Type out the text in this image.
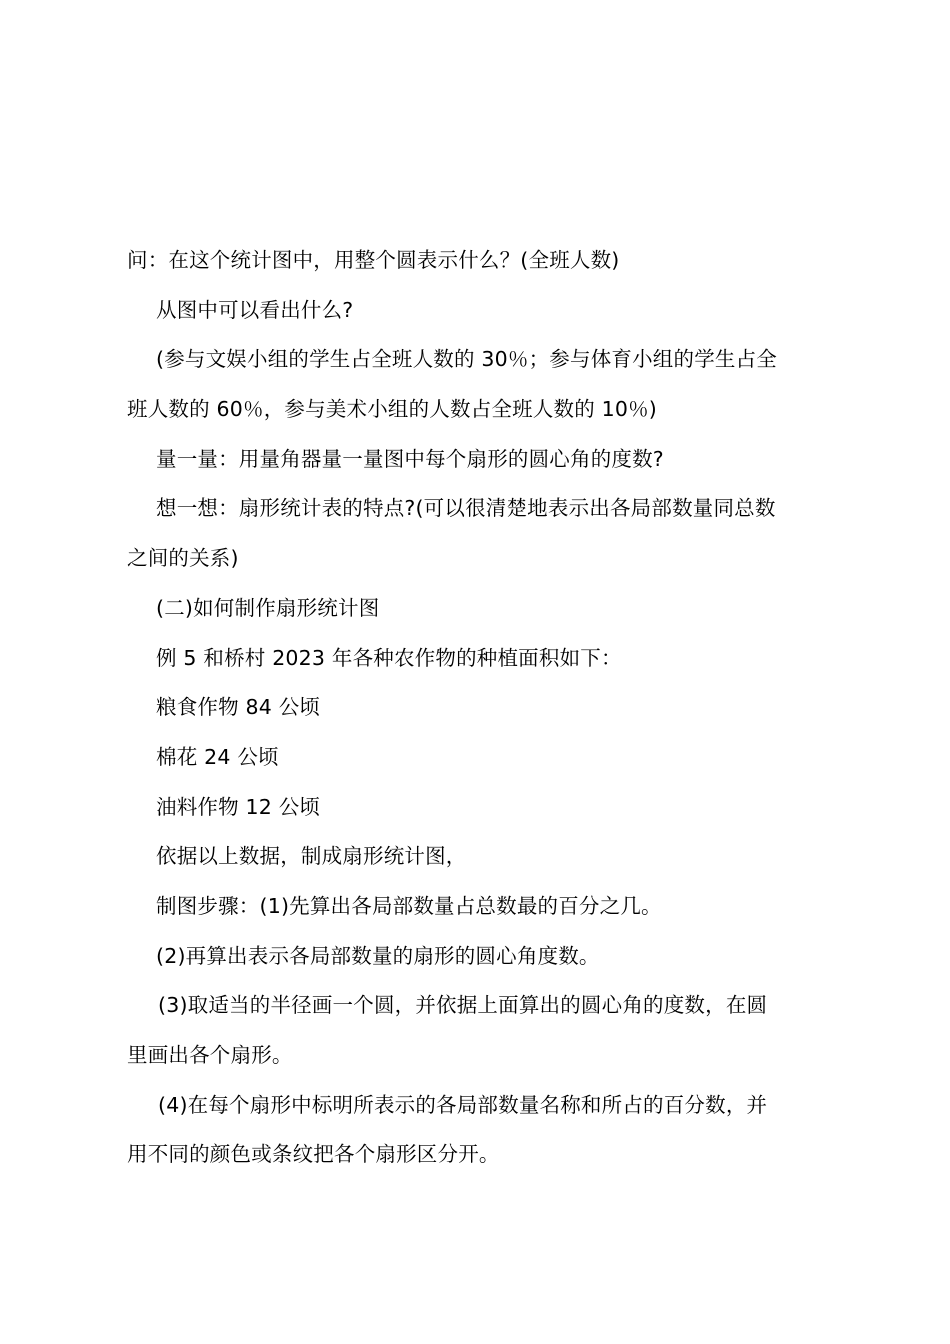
问：在这个统计图中，用整个圆表示什么？(全班人数)
从图中可以看出什么?
(参与文娱小组的学生占全班人数的 30％；参与体育小组的学生占全
班人数的 60％，参与美术小组的人数占全班人数的 10％)
量一量：用量角器量一量图中每个扇形的圆心角的度数?
想一想：扇形统计表的特点?(可以很清楚地表示出各局部数量同总数
之间的关系)
(二)如何制作扇形统计图
例 5 和桥村 2023 年各种农作物的种植面积如下：
粮食作物 84 公顷
棉花 24 公顷
油料作物 12 公顷
依据以上数据，制成扇形统计图，
制图步骤：(1)先算出各局部数量占总数最的百分之几。
(2)再算出表示各局部数量的扇形的圆心角度数。
(3)取适当的半径画一个圆，并依据上面算出的圆心角的度数，在圆
里画出各个扇形。
(4)在每个扇形中标明所表示的各局部数量名称和所占的百分数，并
用不同的颜色或条纹把各个扇形区分开。
